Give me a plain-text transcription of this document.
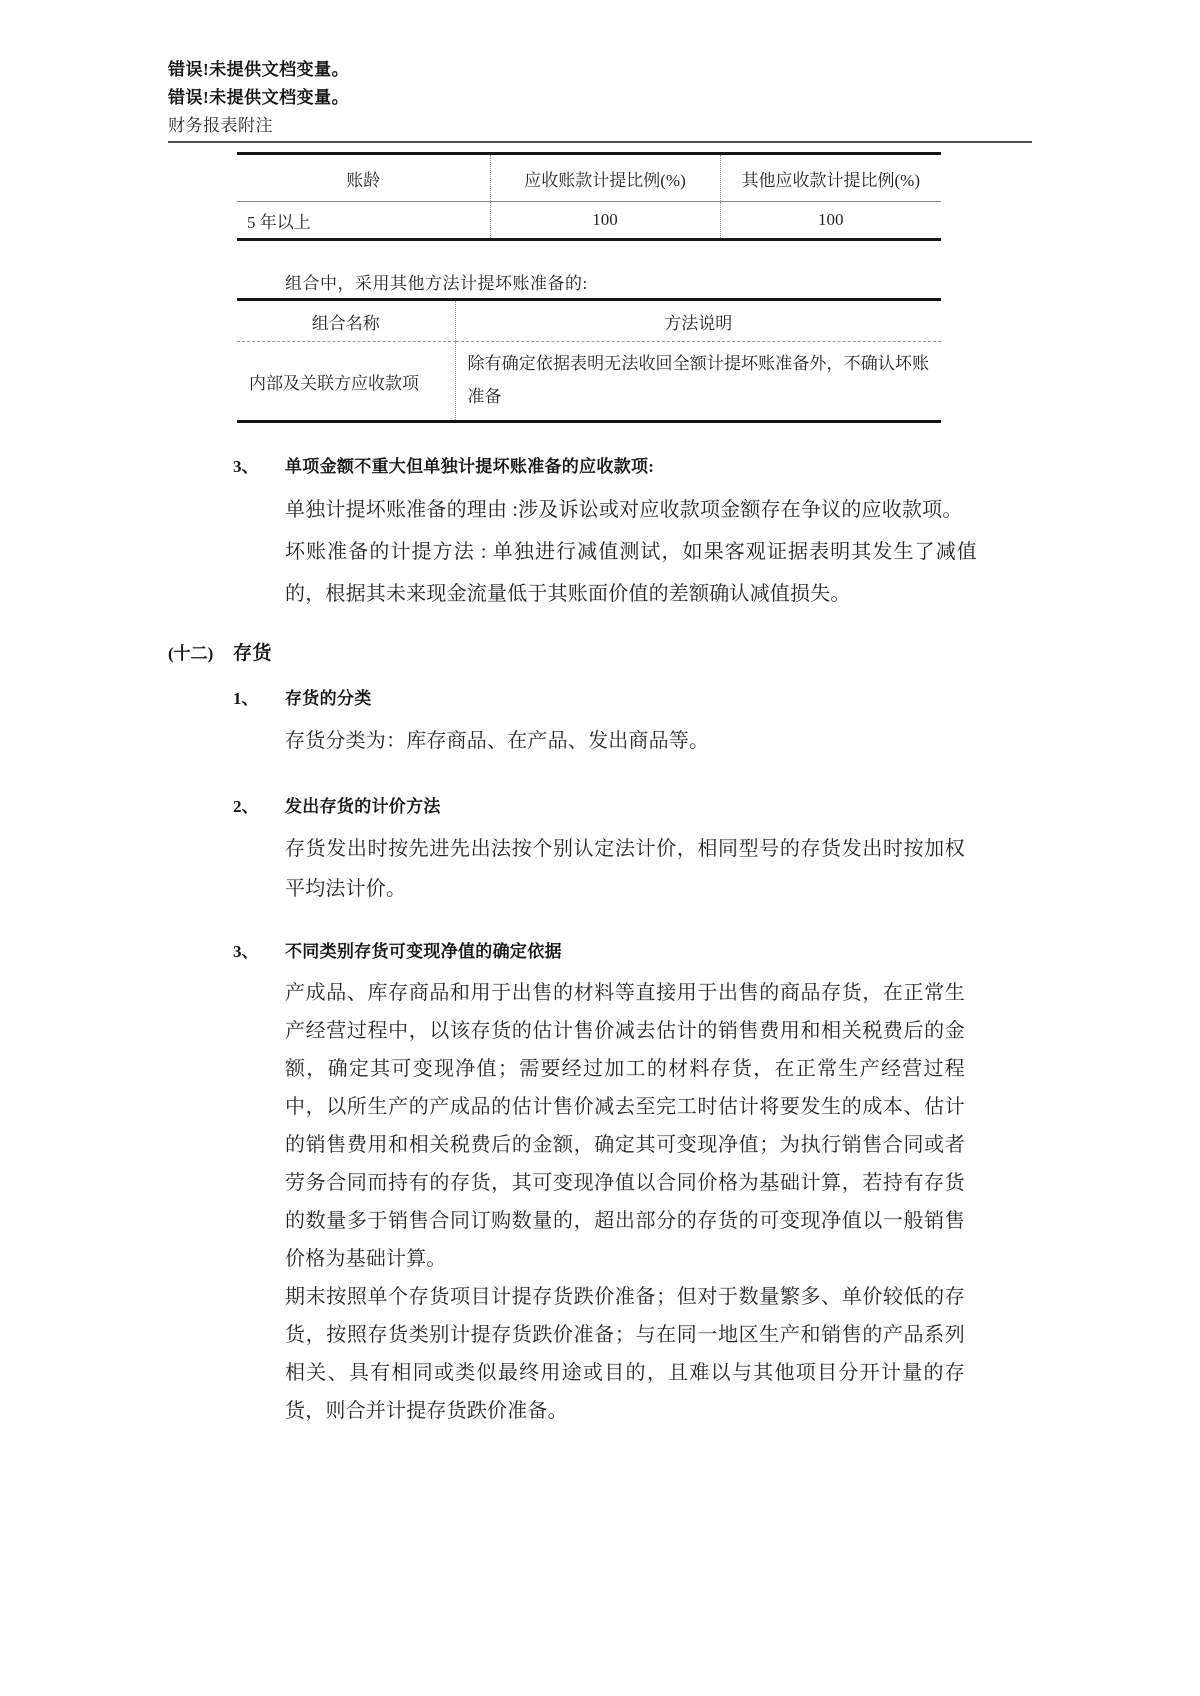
错误!未提供文档变量。
错误!未提供文档变量。
财务报表附注
账龄	应收账款计提比例(%)	其他应收款计提比例(%)
5 年以上	100	100
组合中，采用其他方法计提坏账准备的:
组合名称	方法说明
内部及关联方应收款项	除有确定依据表明无法收回全额计提坏账准备外，不确认坏账准备
3、	单项金额不重大但单独计提坏账准备的应收款项:

单独计提坏账准备的理由 :涉及诉讼或对应收款项金额存在争议的应收款项。

坏账准备的计提方法 : 单独进行减值测试，如果客观证据表明其发生了减值的，根据其未来现金流量低于其账面价值的差额确认减值损失。

(十二)	存货
1、	存货的分类

存货分类为：库存商品、在产品、发出商品等。

2、	发出存货的计价方法

存货发出时按先进先出法按个别认定法计价，相同型号的存货发出时按加权平均法计价。

3、	不同类别存货可变现净值的确定依据

产成品、库存商品和用于出售的材料等直接用于出售的商品存货，在正常生产经营过程中，以该存货的估计售价减去估计的销售费用和相关税费后的金额，确定其可变现净值；需要经过加工的材料存货，在正常生产经营过程中，以所生产的产成品的估计售价减去至完工时估计将要发生的成本、估计的销售费用和相关税费后的金额，确定其可变现净值；为执行销售合同或者劳务合同而持有的存货，其可变现净值以合同价格为基础计算，若持有存货的数量多于销售合同订购数量的，超出部分的存货的可变现净值以一般销售价格为基础计算。

期末按照单个存货项目计提存货跌价准备；但对于数量繁多、单价较低的存货，按照存货类别计提存货跌价准备；与在同一地区生产和销售的产品系列相关、具有相同或类似最终用途或目的，且难以与其他项目分开计量的存货，则合并计提存货跌价准备。
